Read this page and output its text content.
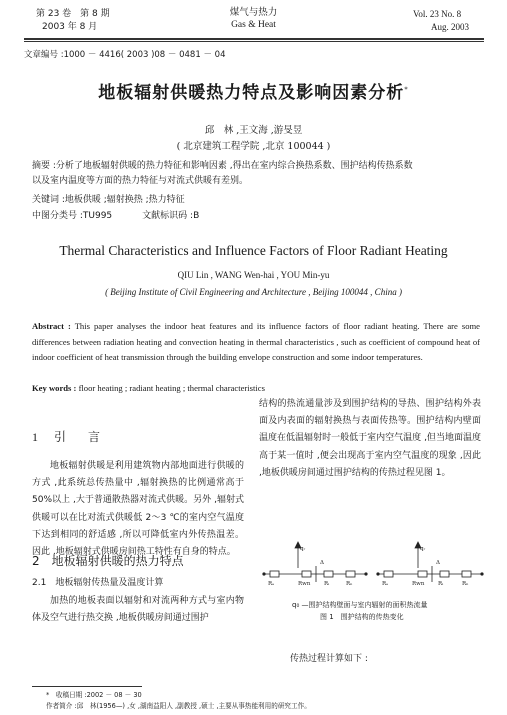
第 23 卷　第 8 期
2003 年 8 月
煤气与热力
Gas & Heat
Vol. 23 No. 8
Aug. 2003
文章编号 :1000 － 4416( 2003 )08 － 0481 － 04
地板辐射供暖热力特点及影响因素分析*
邱　林 ,王文海 ,游旻昱
( 北京建筑工程学院 ,北京 100044 )
摘要 :分析了地板辐射供暖的热力特征和影响因素 ,得出在室内综合换热系数、围护结构传热系数
以及室内温度等方面的热力特征与对流式供暖有差别。
关键词 :地板供暖 ;辐射换热 ;热力特征
中图分类号 :TU995	文献标识码 :B
Thermal Characteristics and Influence Factors of Floor Radiant Heating
QIU Lin , WANG Wen-hai , YOU Min-yu
( Beijing Institute of Civil Engineering and Architecture , Beijing 100044 , China )
Abstract : This paper analyses the indoor heat features and its influence factors of floor radiant heating. There are some differences between radiation heating and convection heating in thermal characteristics , such as coefficient of compound heat of indoor coefficient of heat transmission through the building envelope construction and some indoor temperatures.
Key words : floor heating ; radiant heating ; thermal characteristics
1 引 言
地板辐射供暖是利用建筑物内部地面进行供暖的方式 ,此系统总传热量中 ,辐射换热的比例通常高于 50%以上 ,大于普通散热器对流式供暖。另外 ,辐射式供暖可以在比对流式供暖低 2～3 ℃的室内空气温度下达到相同的舒适感 ,所以可降低室内外传热温差。因此 ,地板辐射式供暖房间热工特性有自身的特点。
2　地板辐射供暖的热力特点
2.1　地板辐射传热量及温度计算
加热的地板表面以辐射和对流两种方式与室内物体及空气进行热交换 ,地板供暖房间通过围护
结构的热流通量涉及到围护结构的导热、围护结构外表面及内表面的辐射换热与表面传热等。围护结构内壁面温度在低温辐射时一般低于室内空气温度 ,但当地面温度高于某一值时 ,便会出现高于室内空气温度的现象 ,因此 ,地板供暖房间通过围护结构的传热过程见图 1。
qᵣ
Δ
Rₑ	Rwn Rᵢ	Rₙ
qᵣ
Δ
Rₑ	Rwn Rᵢ	Rₙ
q₀ —围护结构壁面与室内辐射的面积热流量
图 1　围护结构的传热变化
传热过程计算如下 :
*　收稿日期 :2002 － 08 － 30
作者简介 :邱　林(1956—) ,女 ,湖南益阳人 ,副教授 ,硕士 ,主要从事热能利用的研究工作。
